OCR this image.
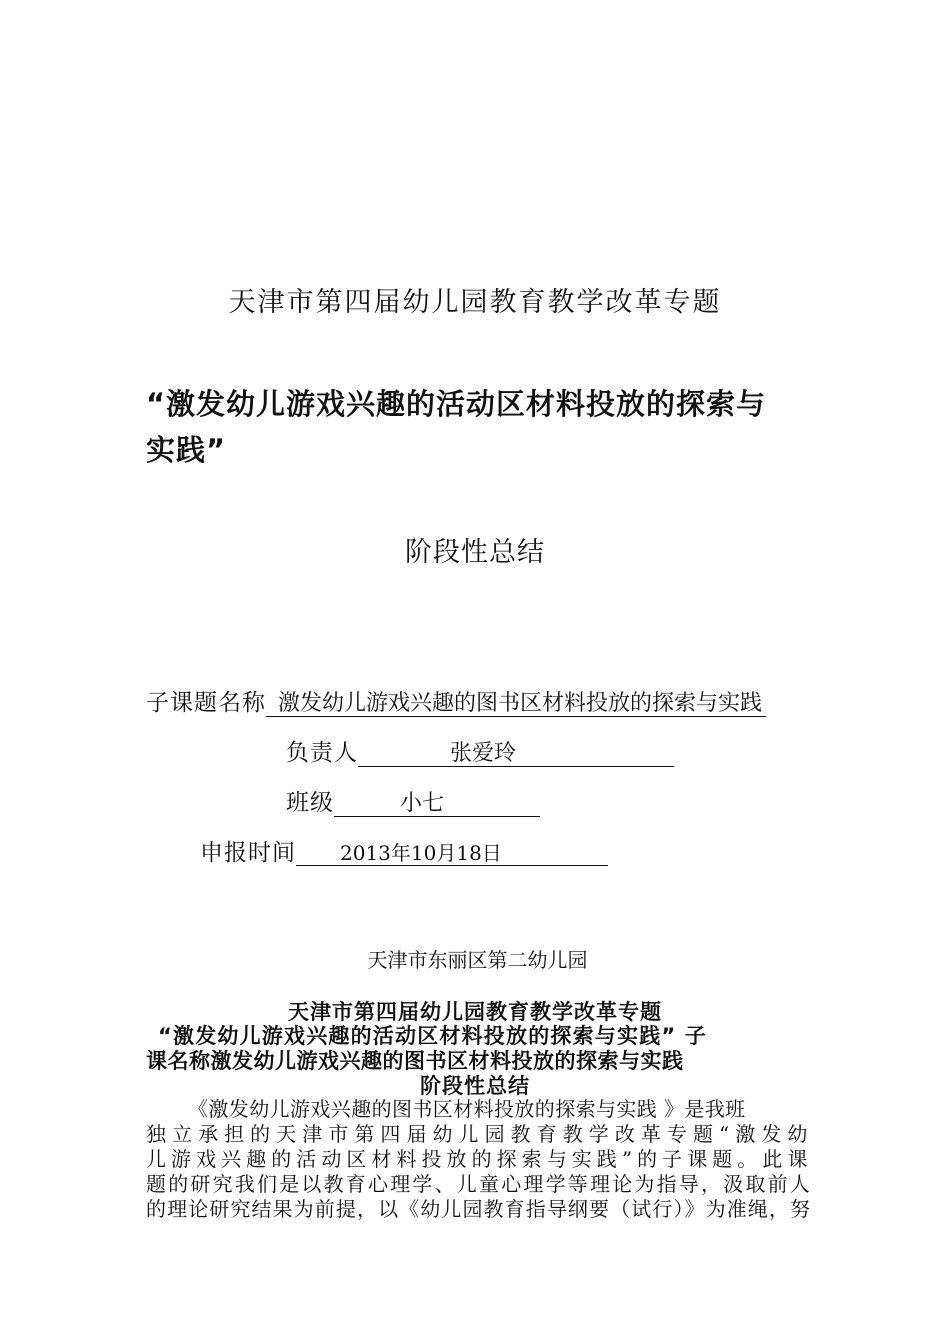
天津市第四届幼儿园教育教学改革专题
“激发幼儿游戏兴趣的活动区材料投放的探索与
实践”
阶段性总结
子课题名称 激发幼儿游戏兴趣的图书区材料投放的探索与实践
负责人	张爱玲
班级	小七
申报时间 2013年10月18日
天津市东丽区第二幼儿园
天津市第四届幼儿园教育教学改革专题
“激发幼儿游戏兴趣的活动区材料投放的探索与实践” 子
课名称激发幼儿游戏兴趣的图书区材料投放的探索与实践
阶段性总结
《激发幼儿游戏兴趣的图书区材料投放的探索与实践 》是我班
独立承担的天津市第四届幼儿园教育教学改革专题“激发幼
儿游戏兴趣的活动区材料投放的探索与实践”的子课题。此课
题的研究我们是以教育心理学、儿童心理学等理论为指导，汲取前人
的理论研究结果为前提，以《幼儿园教育指导纲要（试行）》为准绳，努
